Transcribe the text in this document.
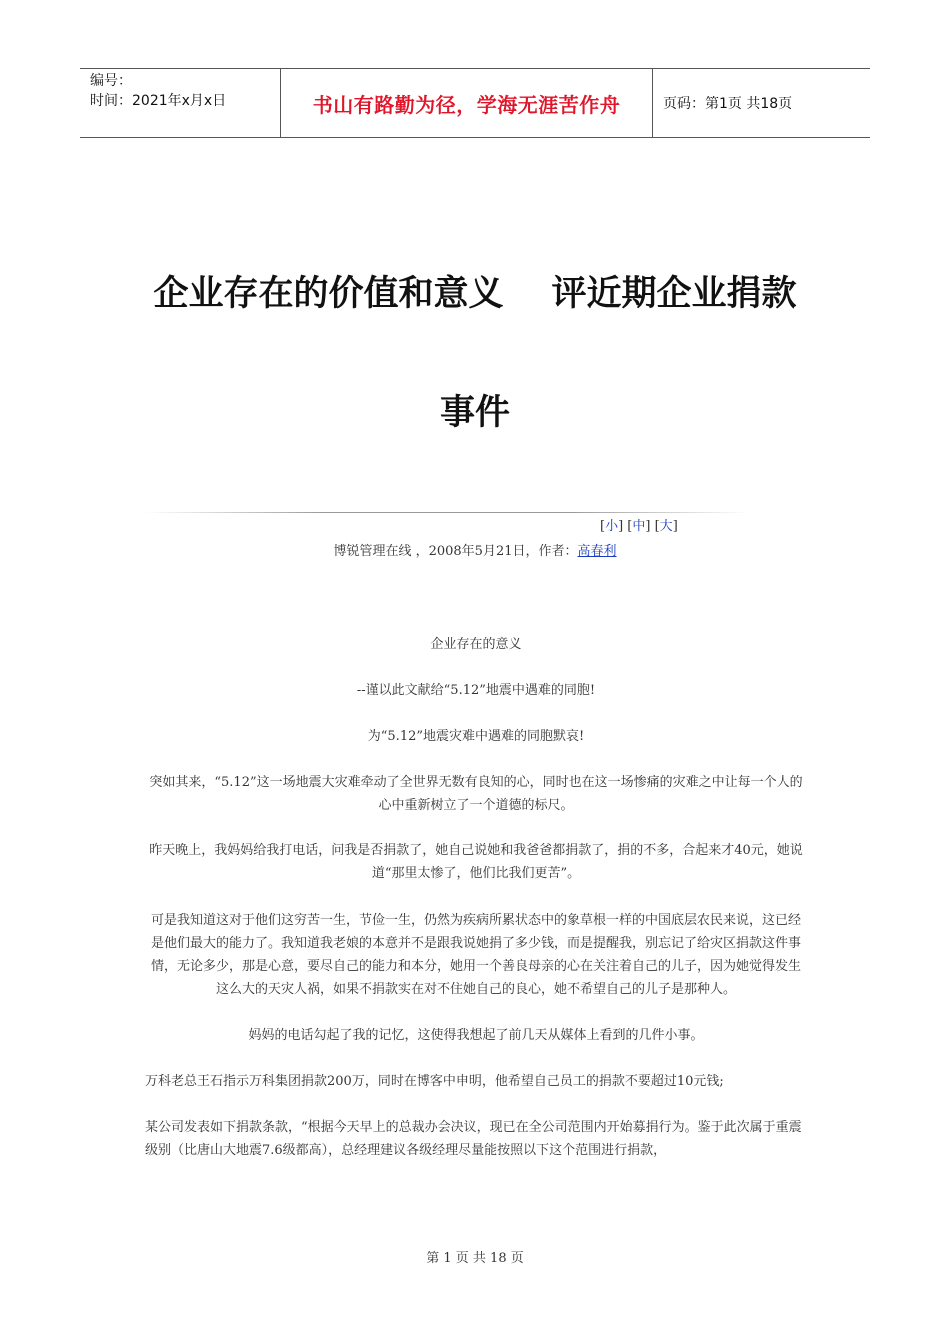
编号：
时间：2021年x月x日	书山有路勤为径，学海无涯苦作舟	页码：第1页 共18页
企业存在的价值和意义 评近期企业捐款
事件
[小] [中] [大]
博锐管理在线 ，2008年5月21日，作者：高春利

企业存在的意义

--谨以此文献给“5.12”地震中遇难的同胞!

为“5.12”地震灾难中遇难的同胞默哀!

突如其来，“5.12”这一场地震大灾难牵动了全世界无数有良知的心，同时也在这一场惨痛的灾难之中让每一个人的心中重新树立了一个道德的标尺。

昨天晚上，我妈妈给我打电话，问我是否捐款了，她自己说她和我爸爸都捐款了，捐的不多，合起来才40元，她说道“那里太惨了，他们比我们更苦”。

可是我知道这对于他们这穷苦一生，节俭一生，仍然为疾病所累状态中的象草根一样的中国底层农民来说，这已经是他们最大的能力了。我知道我老娘的本意并不是跟我说她捐了多少钱，而是提醒我，别忘记了给灾区捐款这件事情，无论多少，那是心意，要尽自己的能力和本分，她用一个善良母亲的心在关注着自己的儿子，因为她觉得发生这么大的天灾人祸，如果不捐款实在对不住她自己的良心，她不希望自己的儿子是那种人。

妈妈的电话勾起了我的记忆，这使得我想起了前几天从媒体上看到的几件小事。

万科老总王石指示万科集团捐款200万，同时在博客中申明，他希望自己员工的捐款不要超过10元钱;

某公司发表如下捐款条款，“根据今天早上的总裁办会决议，现已在全公司范围内开始募捐行为。鉴于此次属于重震级别（比唐山大地震7.6级都高），总经理建议各级经理尽量能按照以下这个范围进行捐款，

第 1 页 共 18 页
